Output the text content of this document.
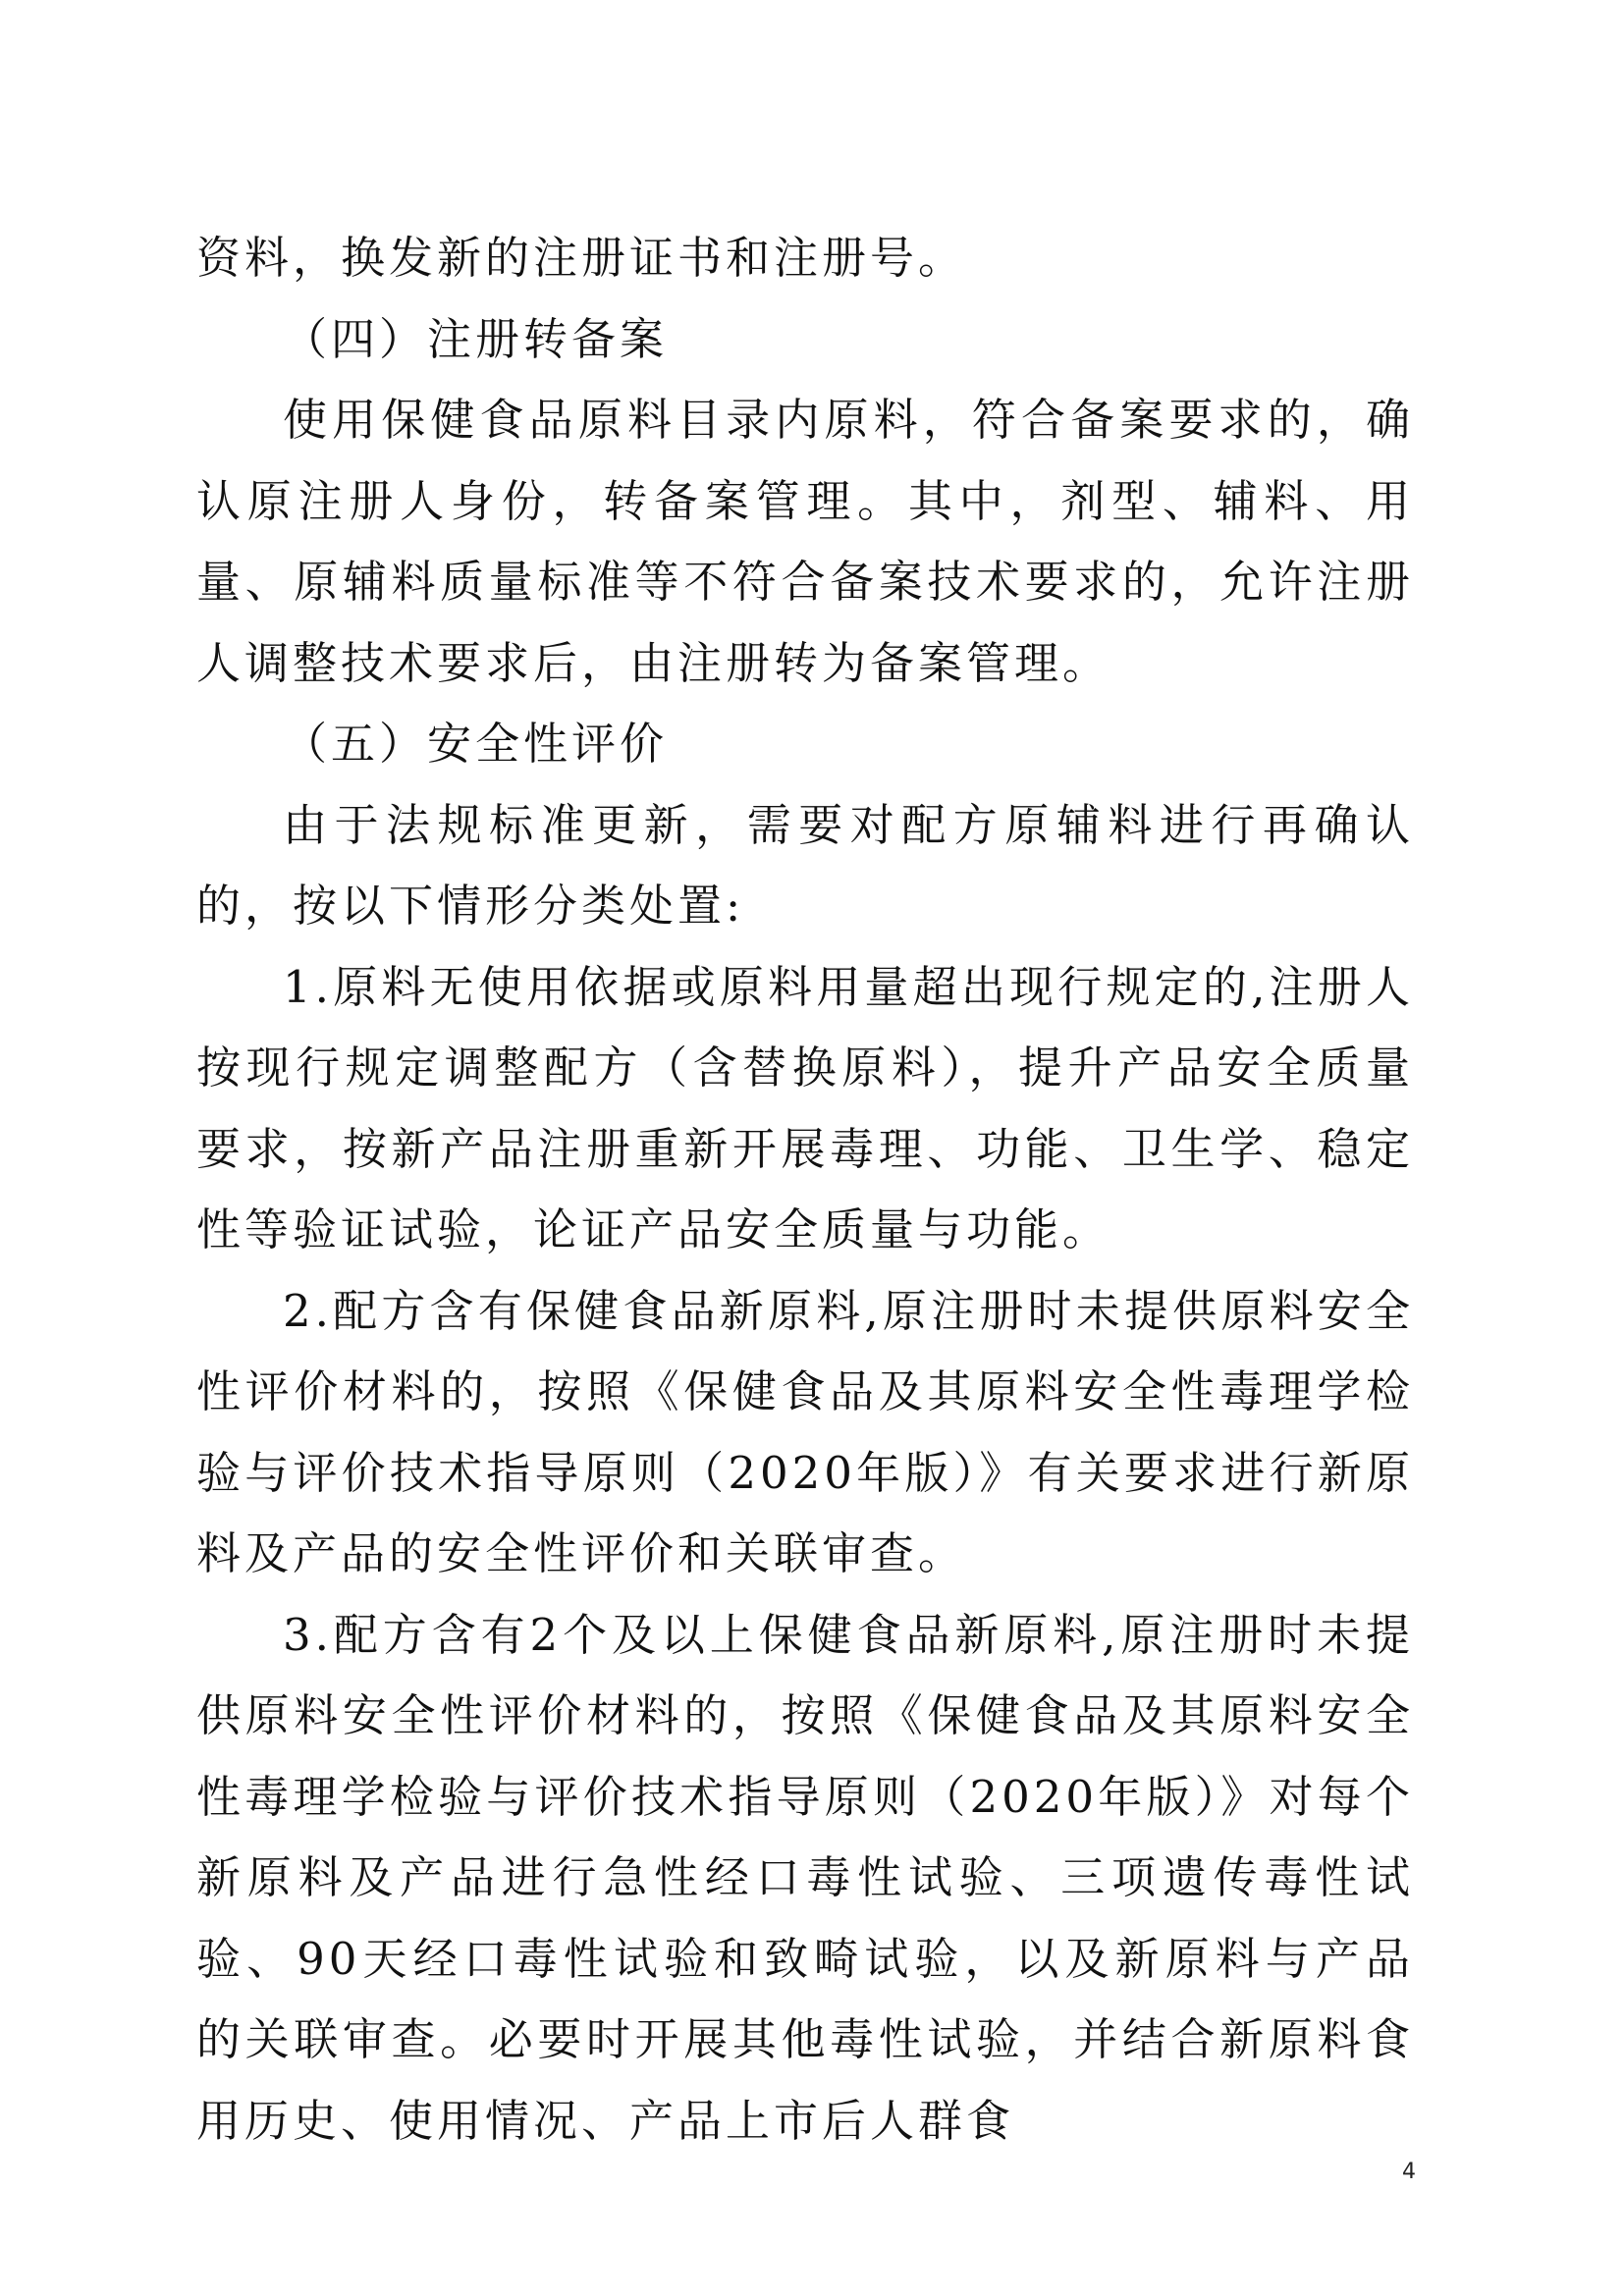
资料，换发新的注册证书和注册号。

（四）注册转备案

使用保健食品原料目录内原料，符合备案要求的，确认原注册人身份，转备案管理。其中，剂型、辅料、用量、原辅料质量标准等不符合备案技术要求的，允许注册人调整技术要求后，由注册转为备案管理。

（五）安全性评价

由于法规标准更新，需要对配方原辅料进行再确认的，按以下情形分类处置:

1.原料无使用依据或原料用量超出现行规定的,注册人按现行规定调整配方（含替换原料），提升产品安全质量要求，按新产品注册重新开展毒理、功能、卫生学、稳定性等验证试验，论证产品安全质量与功能。

2.配方含有保健食品新原料,原注册时未提供原料安全性评价材料的，按照《保健食品及其原料安全性毒理学检验与评价技术指导原则（2020年版）》有关要求进行新原料及产品的安全性评价和关联审查。

3.配方含有2个及以上保健食品新原料,原注册时未提供原料安全性评价材料的，按照《保健食品及其原料安全性毒理学检验与评价技术指导原则（2020年版）》对每个新原料及产品进行急性经口毒性试验、三项遗传毒性试验、90天经口毒性试验和致畸试验，以及新原料与产品的关联审查。必要时开展其他毒性试验，并结合新原料食用历史、使用情况、产品上市后人群食

4
